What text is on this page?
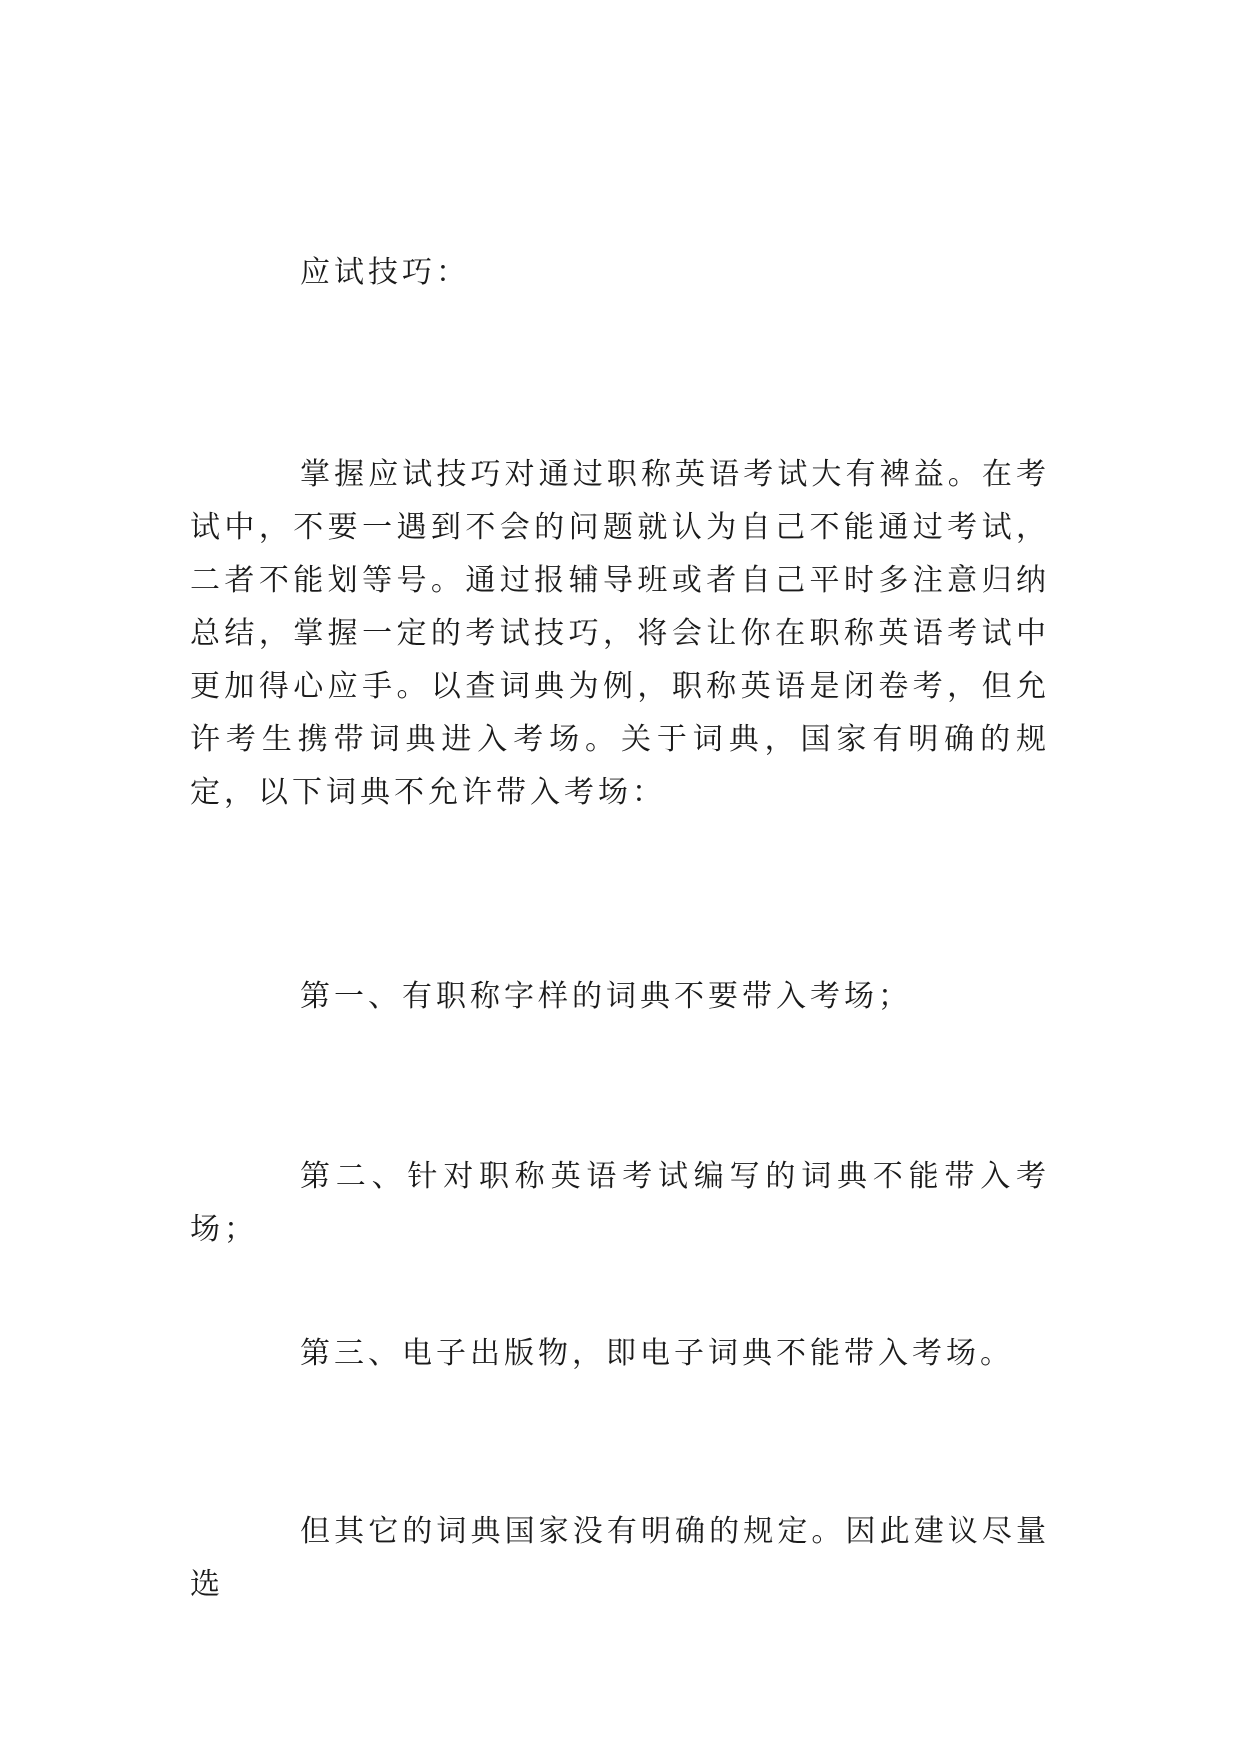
应试技巧：

掌握应试技巧对通过职称英语考试大有裨益。在考试中，不要一遇到不会的问题就认为自己不能通过考试，二者不能划等号。通过报辅导班或者自己平时多注意归纳总结，掌握一定的考试技巧，将会让你在职称英语考试中更加得心应手。以查词典为例，职称英语是闭卷考，但允许考生携带词典进入考场。关于词典，国家有明确的规定，以下词典不允许带入考场：

第一、有职称字样的词典不要带入考场；

第二、针对职称英语考试编写的词典不能带入考场；

第三、电子出版物，即电子词典不能带入考场。

但其它的词典国家没有明确的规定。因此建议尽量选
